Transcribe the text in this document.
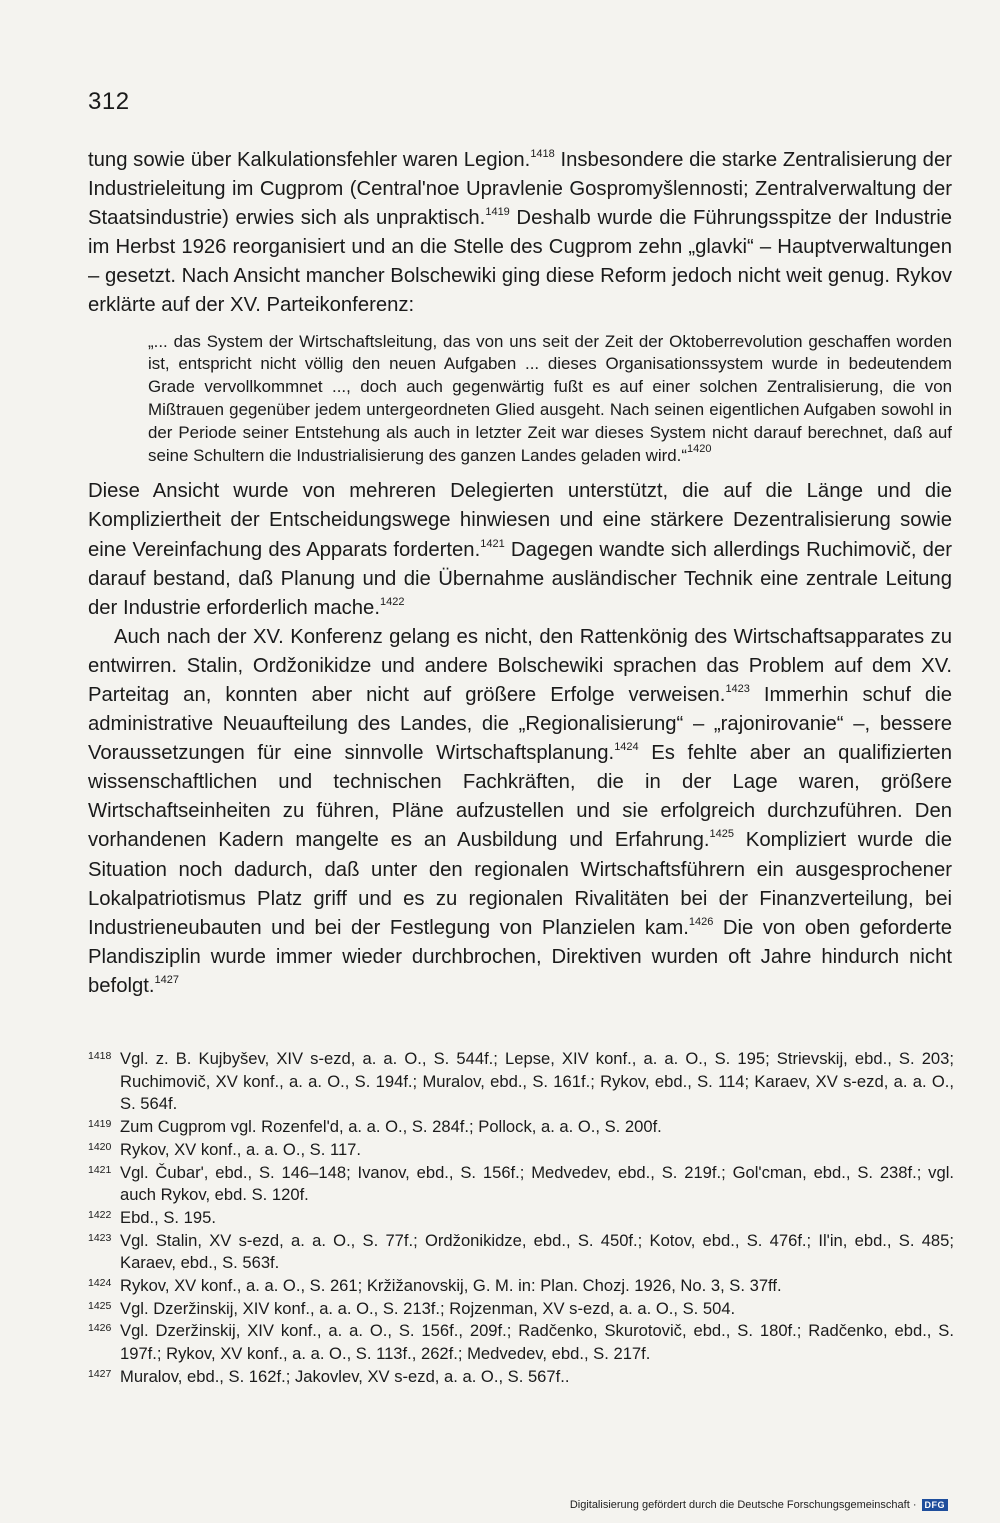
312

tung sowie über Kalkulationsfehler waren Legion.$^{1418}$ Insbesondere die starke Zentralisierung der Industrieleitung im Cugprom (Central'noe Upravlenie Gospromyšlennosti; Zentralverwaltung der Staatsindustrie) erwies sich als unpraktisch.$^{1419}$ Deshalb wurde die Führungsspitze der Industrie im Herbst 1926 reorganisiert und an die Stelle des Cugprom zehn „glavki“ – Hauptverwaltungen – gesetzt. Nach Ansicht mancher Bolschewiki ging diese Reform jedoch nicht weit genug. Rykov erklärte auf der XV. Parteikonferenz:

„... das System der Wirtschaftsleitung, das von uns seit der Zeit der Oktoberrevolution geschaffen worden ist, entspricht nicht völlig den neuen Aufgaben ... dieses Organisationssystem wurde in bedeutendem Grade vervollkommnet ..., doch auch gegenwärtig fußt es auf einer solchen Zentralisierung, die von Mißtrauen gegenüber jedem untergeordneten Glied ausgeht. Nach seinen eigentlichen Aufgaben sowohl in der Periode seiner Entstehung als auch in letzter Zeit war dieses System nicht darauf berechnet, daß auf seine Schultern die Industrialisierung des ganzen Landes geladen wird.“$^{1420}$

Diese Ansicht wurde von mehreren Delegierten unterstützt, die auf die Länge und die Kompliziertheit der Entscheidungswege hinwiesen und eine stärkere Dezentralisierung sowie eine Vereinfachung des Apparats forderten.$^{1421}$ Dagegen wandte sich allerdings Ruchimovič, der darauf bestand, daß Planung und die Übernahme ausländischer Technik eine zentrale Leitung der Industrie erforderlich mache.$^{1422}$

Auch nach der XV. Konferenz gelang es nicht, den Rattenkönig des Wirtschaftsapparates zu entwirren. Stalin, Ordžonikidze und andere Bolschewiki sprachen das Problem auf dem XV. Parteitag an, konnten aber nicht auf größere Erfolge verweisen.$^{1423}$ Immerhin schuf die administrative Neuaufteilung des Landes, die „Regionalisierung“ – „rajonirovanie“ –, bessere Voraussetzungen für eine sinnvolle Wirtschaftsplanung.$^{1424}$ Es fehlte aber an qualifizierten wissenschaftlichen und technischen Fachkräften, die in der Lage waren, größere Wirtschaftseinheiten zu führen, Pläne aufzustellen und sie erfolgreich durchzuführen. Den vorhandenen Kadern mangelte es an Ausbildung und Erfahrung.$^{1425}$ Kompliziert wurde die Situation noch dadurch, daß unter den regionalen Wirtschaftsführern ein ausgesprochener Lokalpatriotismus Platz griff und es zu regionalen Rivalitäten bei der Finanzverteilung, bei Industrieneubauten und bei der Festlegung von Planzielen kam.$^{1426}$ Die von oben geforderte Plandisziplin wurde immer wieder durchbrochen, Direktiven wurden oft Jahre hindurch nicht befolgt.$^{1427}$

1418 Vgl. z. B. Kujbyšev, XIV s-ezd, a. a. O., S. 544f.; Lepse, XIV konf., a. a. O., S. 195; Strievskij, ebd., S. 203; Ruchimovič, XV konf., a. a. O., S. 194f.; Muralov, ebd., S. 161f.; Rykov, ebd., S. 114; Karaev, XV s-ezd, a. a. O., S. 564f.
1419 Zum Cugprom vgl. Rozenfel'd, a. a. O., S. 284f.; Pollock, a. a. O., S. 200f.
1420 Rykov, XV konf., a. a. O., S. 117.
1421 Vgl. Čubar', ebd., S. 146–148; Ivanov, ebd., S. 156f.; Medvedev, ebd., S. 219f.; Gol'cman, ebd., S. 238f.; vgl. auch Rykov, ebd. S. 120f.
1422 Ebd., S. 195.
1423 Vgl. Stalin, XV s-ezd, a. a. O., S. 77f.; Ordžonikidze, ebd., S. 450f.; Kotov, ebd., S. 476f.; Il'in, ebd., S. 485; Karaev, ebd., S. 563f.
1424 Rykov, XV konf., a. a. O., S. 261; Kržižanovskij, G. M. in: Plan. Chozj. 1926, No. 3, S. 37ff.
1425 Vgl. Dzeržinskij, XIV konf., a. a. O., S. 213f.; Rojzenman, XV s-ezd, a. a. O., S. 504.
1426 Vgl. Dzeržinskij, XIV konf., a. a. O., S. 156f., 209f.; Radčenko, Skurotovič, ebd., S. 180f.; Radčenko, ebd., S. 197f.; Rykov, XV konf., a. a. O., S. 113f., 262f.; Medvedev, ebd., S. 217f.
1427 Muralov, ebd., S. 162f.; Jakovlev, XV s-ezd, a. a. O., S. 567f..
Digitalisierung gefördert durch die Deutsche Forschungsgemeinschaft · DFG
